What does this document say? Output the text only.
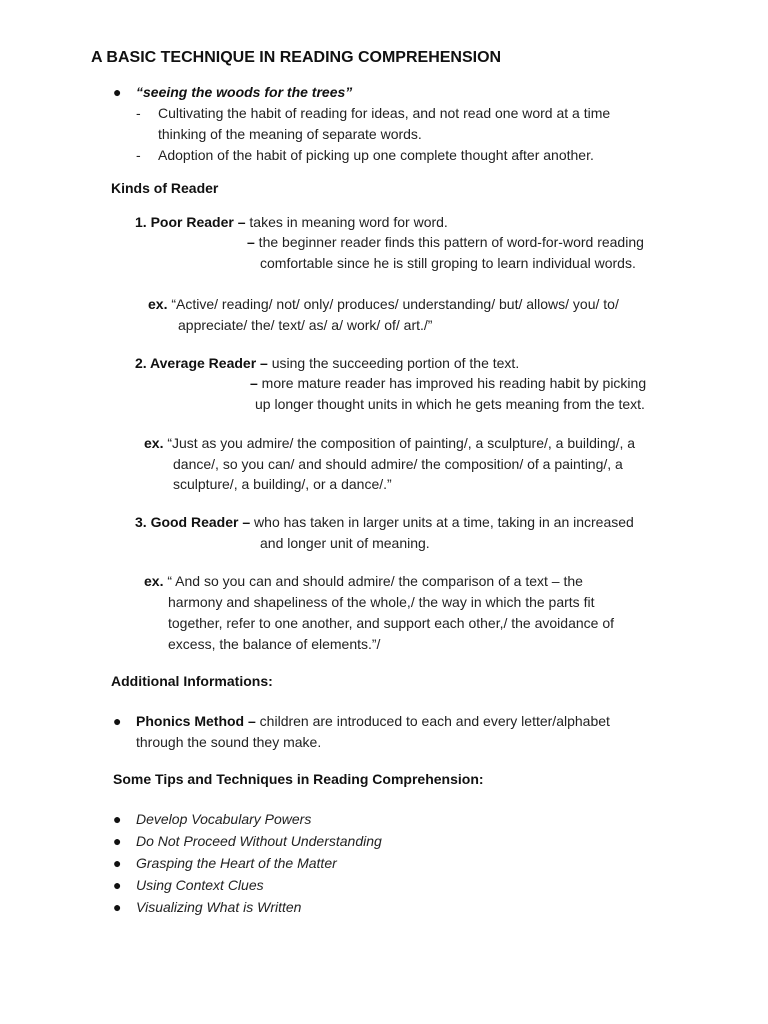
A BASIC TECHNIQUE IN READING COMPREHENSION
● “seeing the woods for the trees”
- Cultivating the habit of reading for ideas, and not read one word at a time
thinking of the meaning of separate words.
- Adoption of the habit of picking up one complete thought after another.
Kinds of Reader
1. Poor Reader – takes in meaning word for word.
– the beginner reader finds this pattern of word-for-word reading
comfortable since he is still groping to learn individual words.
ex. “Active/ reading/ not/ only/ produces/ understanding/ but/ allows/ you/ to/
appreciate/ the/ text/ as/ a/ work/ of/ art./”
2. Average Reader – using the succeeding portion of the text.
– more mature reader has improved his reading habit by picking
up longer thought units in which he gets meaning from the text.
ex. “Just as you admire/ the composition of painting/, a sculpture/, a building/, a
dance/, so you can/ and should admire/ the composition/ of a painting/, a
sculpture/, a building/, or a dance/.”
3. Good Reader – who has taken in larger units at a time, taking in an increased
and longer unit of meaning.
ex. “ And so you can and should admire/ the comparison of a text – the
harmony and shapeliness of the whole,/ the way in which the parts fit
together, refer to one another, and support each other,/ the avoidance of
excess, the balance of elements.”/
Additional Informations:
● Phonics Method – children are introduced to each and every letter/alphabet
through the sound they make.
Some Tips and Techniques in Reading Comprehension:
● Develop Vocabulary Powers
● Do Not Proceed Without Understanding
● Grasping the Heart of the Matter
● Using Context Clues
● Visualizing What is Written
